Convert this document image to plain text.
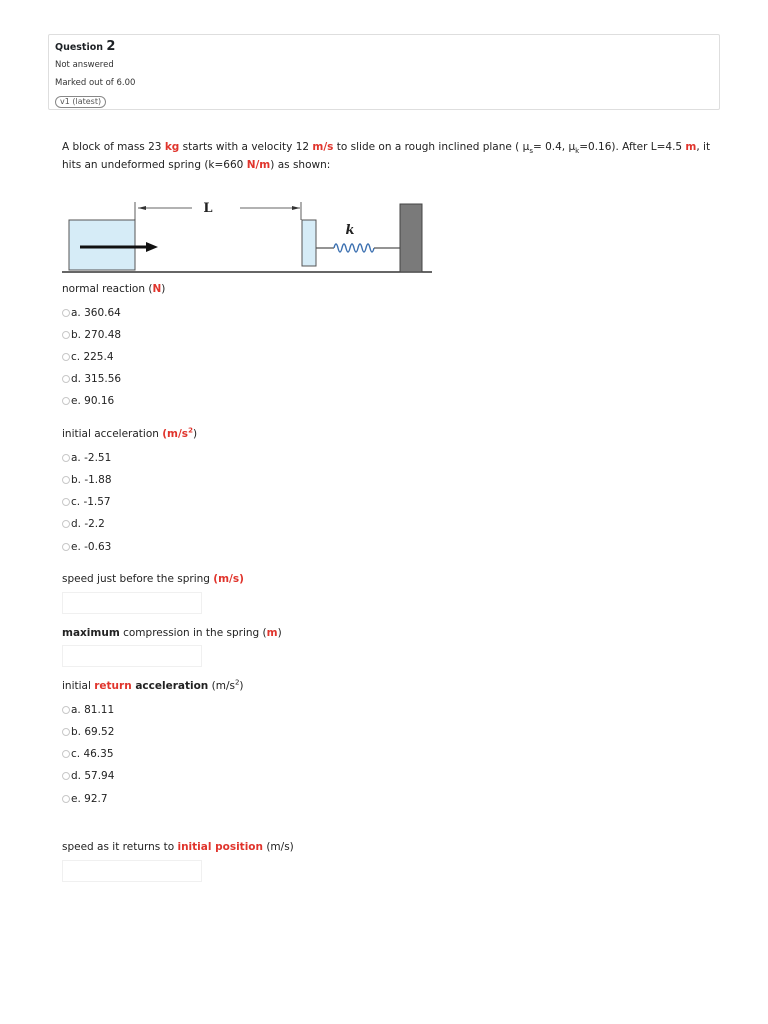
Question 2
Not answered
Marked out of 6.00
v1 (latest)
A block of mass 23 kg starts with a velocity 12 m/s to slide on a rough inclined plane ( $\mu_s= 0.4$, $\mu_k=0.16$). After L=4.5 m, it
hits an undeformed spring (k=660 N/m) as shown:
L
k
normal reaction (N)
a. 360.64
b. 270.48
c. 225.4
d. 315.56
e. 90.16
initial acceleration $(m/s^2)$
a. -2.51
b. -1.88
c. -1.57
d. -2.2
e. -0.63
speed just before the spring (m/s)
maximum compression in the spring (m)
initial return acceleration $(m/s^2)$
a. 81.11
b. 69.52
c. 46.35
d. 57.94
e. 92.7
speed as it returns to initial position (m/s)
